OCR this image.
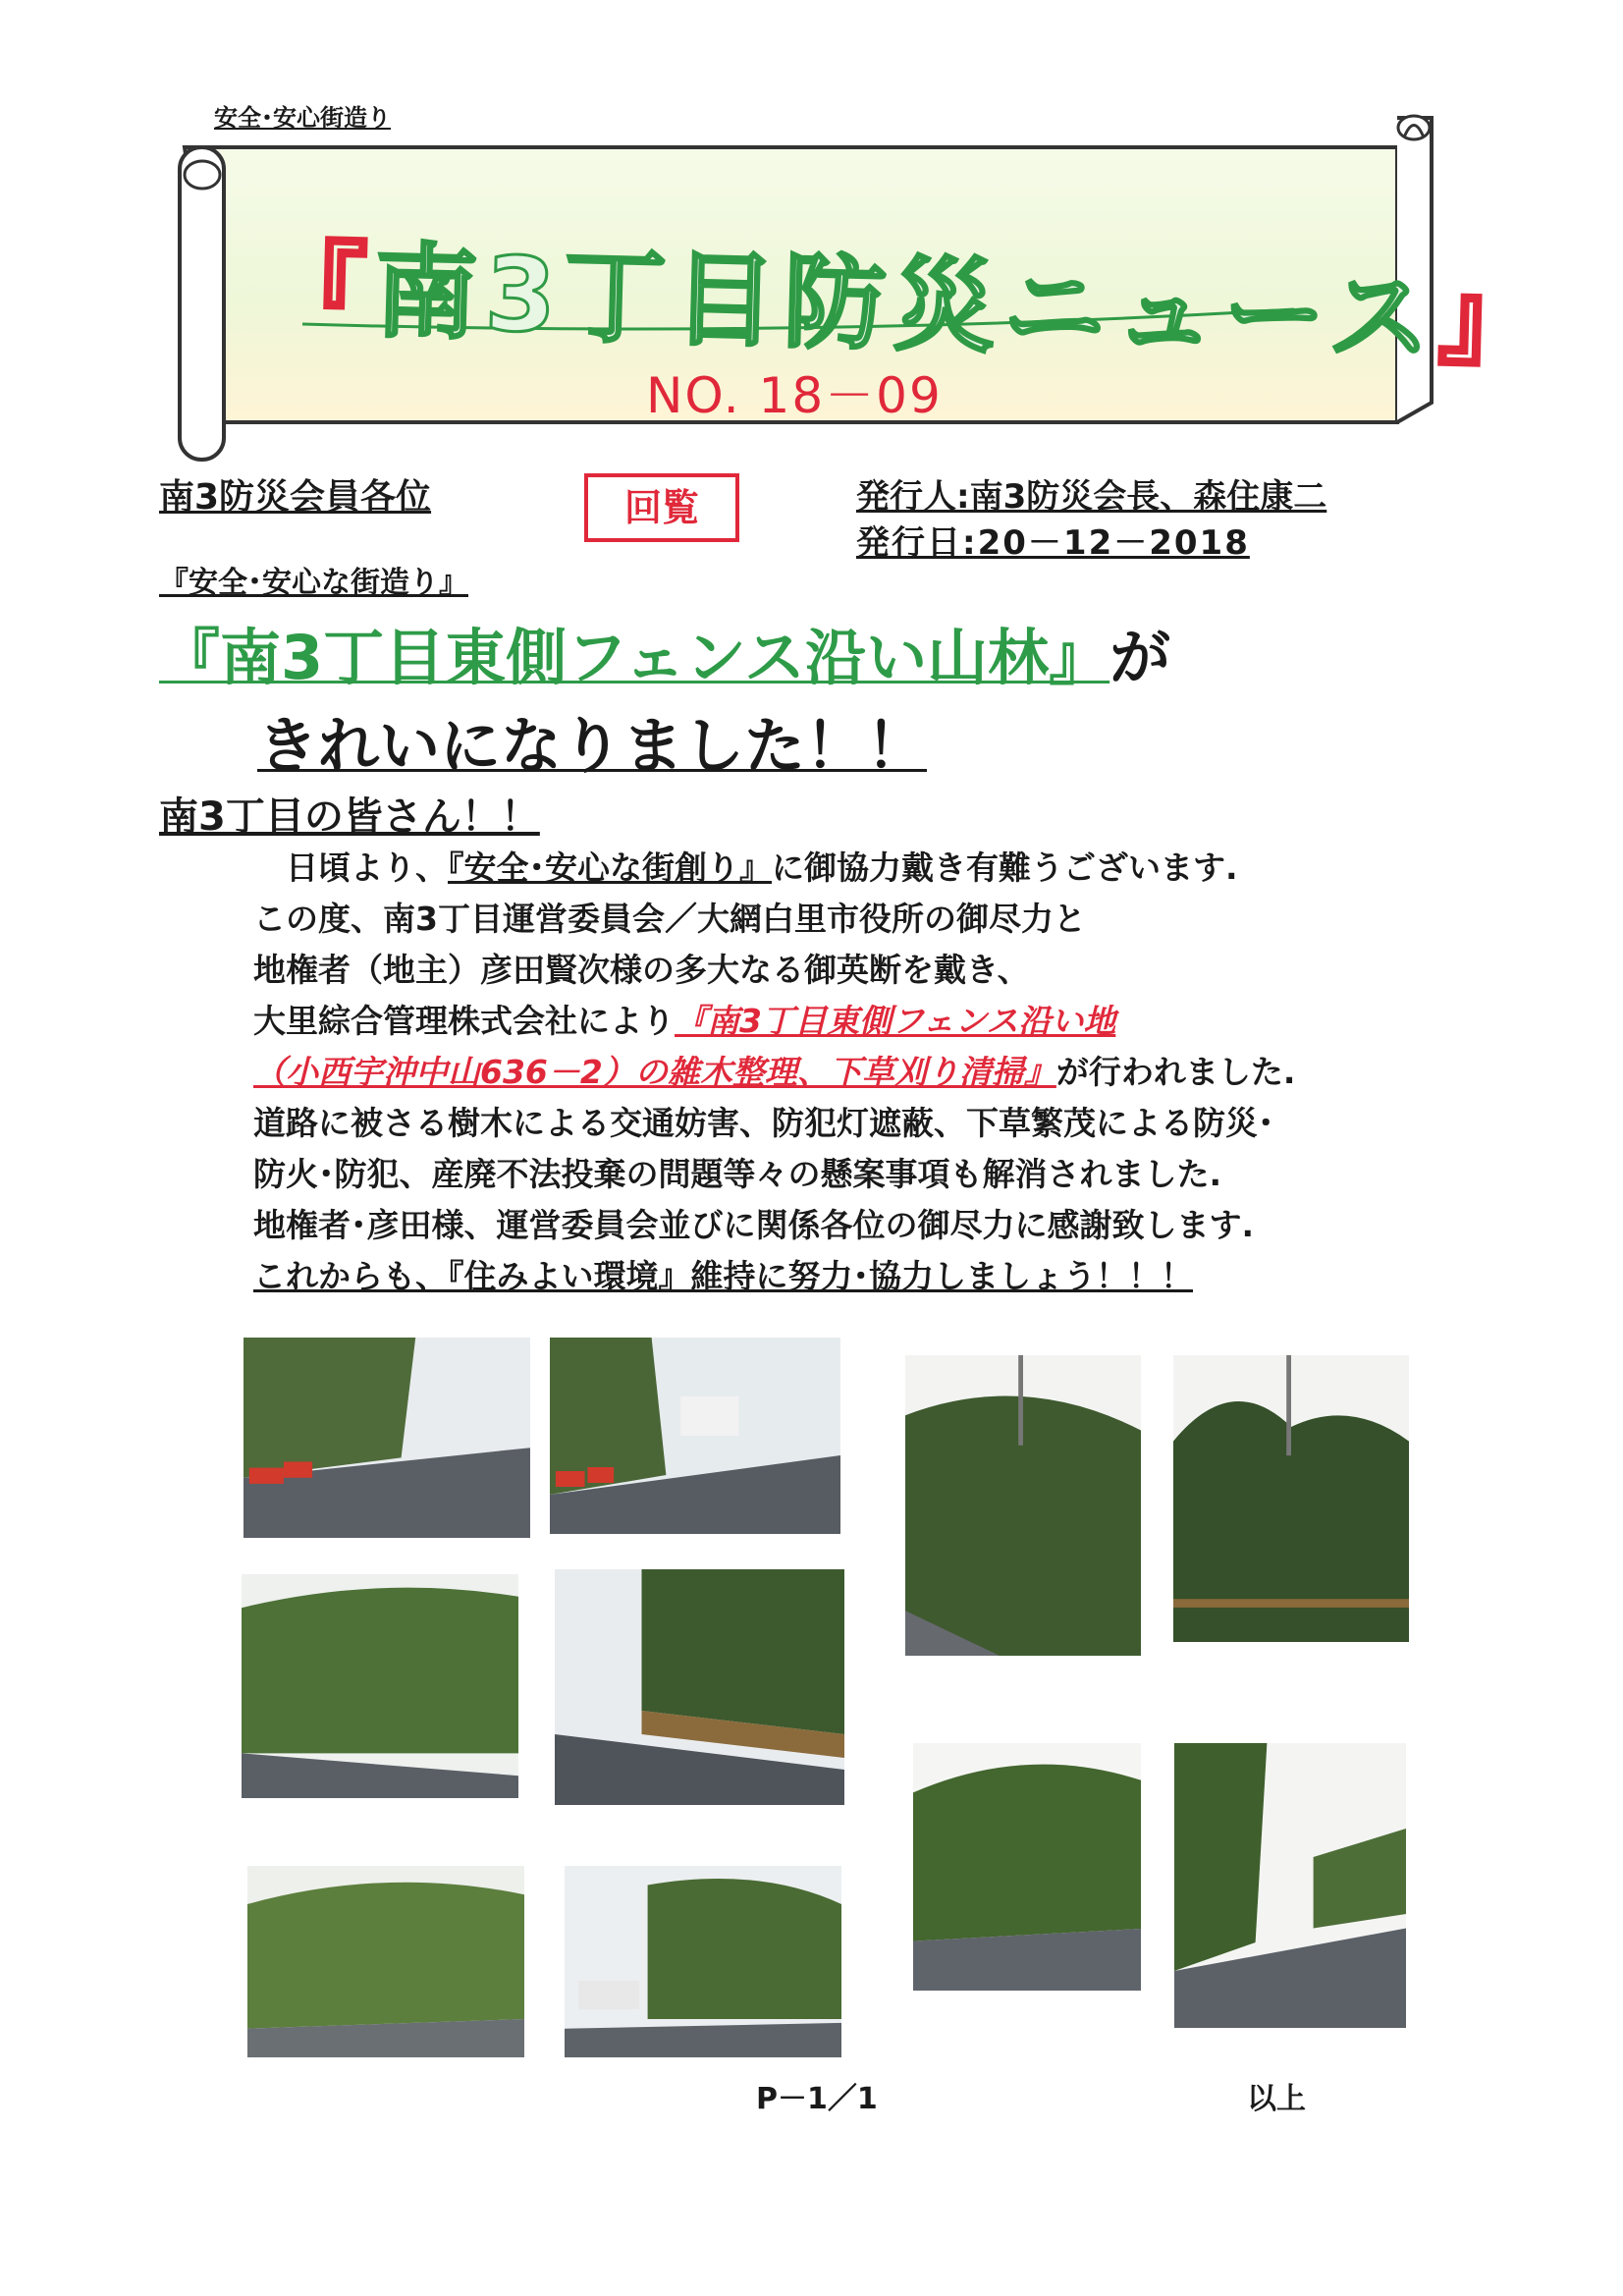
安全･安心街造り
『南3丁目防災ニュース』
NO. 18－09
南3防災会員各位	回覧	発行人:南3防災会長、森住康二
発行日:20－12－2018
『安全･安心な街造り』
『南3丁目東側フェンス沿い山林』が
きれいになりました！！
南3丁目の皆さん！！

　日頃より、『安全･安心な街創り』に御協力戴き有難うございます.

この度、南3丁目運営委員会／大網白里市役所の御尽力と

地権者（地主）彦田賢次様の多大なる御英断を戴き、

大里綜合管理株式会社により『南3丁目東側フェンス沿い地

（小西宇沖中山636－2）の雑木整理、下草刈り清掃』が行われました.

道路に被さる樹木による交通妨害、防犯灯遮蔽、下草繁茂による防災･

防火･防犯、産廃不法投棄の問題等々の懸案事項も解消されました.

地権者･彦田様、運営委員会並びに関係各位の御尽力に感謝致します.

これからも、『住みよい環境』維持に努力･協力しましょう！！！

P－1／1	以上
